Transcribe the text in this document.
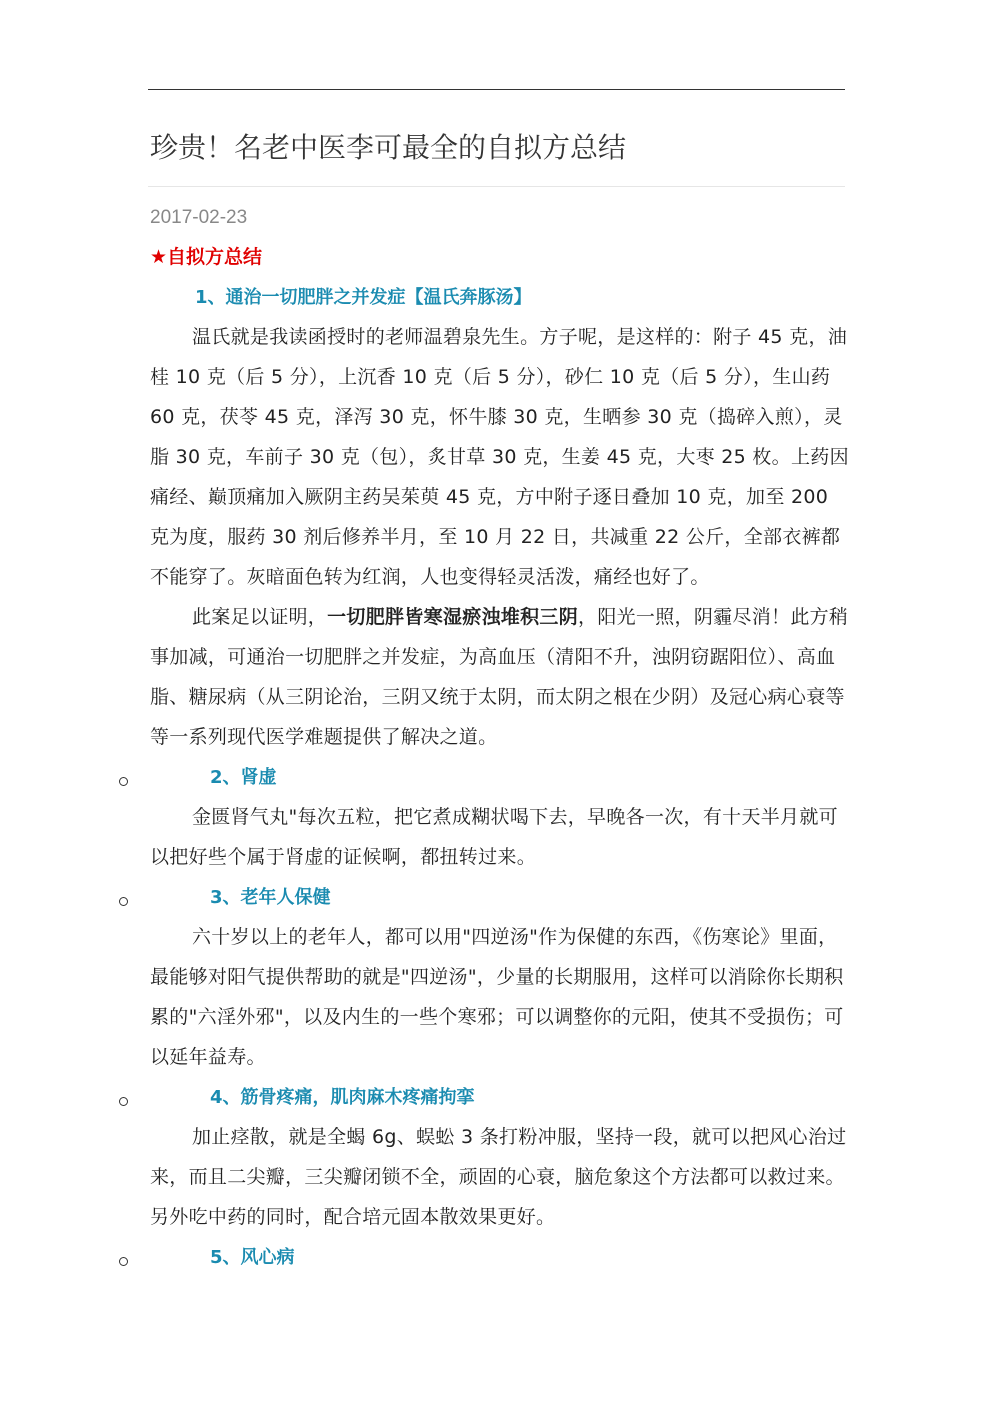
珍贵！名老中医李可最全的自拟方总结
2017-02-23
★自拟方总结
1、通治一切肥胖之并发症【温氏奔豚汤】

温氏就是我读函授时的老师温碧泉先生。方子呢，是这样的：附子 45 克，油桂 10 克（后 5 分），上沉香 10 克（后 5 分），砂仁 10 克（后 5 分），生山药 60 克，茯苓 45 克，泽泻 30 克，怀牛膝 30 克，生晒参 30 克（捣碎入煎），灵脂 30 克，车前子 30 克（包），炙甘草 30 克，生姜 45 克，大枣 25 枚。上药因痛经、巅顶痛加入厥阴主药吴茱萸 45 克，方中附子逐日叠加 10 克，加至 200 克为度，服药 30 剂后修养半月，至 10 月 22 日，共减重 22 公斤，全部衣裤都不能穿了。灰暗面色转为红润，人也变得轻灵活泼，痛经也好了。

此案足以证明，一切肥胖皆寒湿瘀浊堆积三阴，阳光一照，阴霾尽消！此方稍事加减，可通治一切肥胖之并发症，为高血压（清阳不升，浊阴窃踞阳位）、高血脂、糖尿病（从三阴论治，三阴又统于太阴，而太阴之根在少阴）及冠心病心衰等等一系列现代医学难题提供了解决之道。

2、肾虚

金匮肾气丸"每次五粒，把它煮成糊状喝下去，早晚各一次，有十天半月就可以把好些个属于肾虚的证候啊，都扭转过来。

3、老年人保健

六十岁以上的老年人，都可以用"四逆汤"作为保健的东西，《伤寒论》里面，最能够对阳气提供帮助的就是"四逆汤"，少量的长期服用，这样可以消除你长期积累的"六淫外邪"，以及内生的一些个寒邪；可以调整你的元阳，使其不受损伤；可以延年益寿。

4、筋骨疼痛，肌肉麻木疼痛拘挛

加止痉散，就是全蝎 6g、蜈蚣 3 条打粉冲服，坚持一段，就可以把风心治过来，而且二尖瓣，三尖瓣闭锁不全，顽固的心衰，脑危象这个方法都可以救过来。另外吃中药的同时，配合培元固本散效果更好。

5、风心病
